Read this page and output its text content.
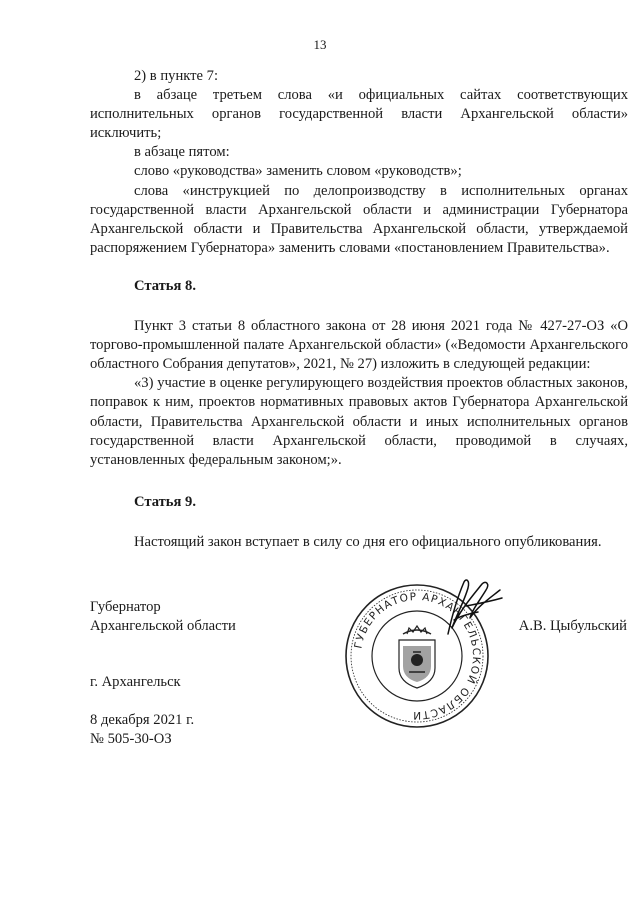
13

2) в пункте 7:

в абзаце третьем слова «и официальных сайтах соответствующих исполнительных органов государственной власти Архангельской области» исключить;

в абзаце пятом:

слово «руководства» заменить словом «руководств»;

слова «инструкцией по делопроизводству в исполнительных органах государственной власти Архангельской области и администрации Губернатора Архангельской области и Правительства Архангельской области, утверждаемой распоряжением Губернатора» заменить словами «постановлением Правительства».

Статья 8.

Пункт 3 статьи 8 областного закона от 28 июня 2021 года № 427-27-ОЗ «О торгово-промышленной палате Архангельской области» («Ведомости Архангельского областного Собрания депутатов», 2021, № 27) изложить в следующей редакции:

«3) участие в оценке регулирующего воздействия проектов областных законов, поправок к ним, проектов нормативных правовых актов Губернатора Архангельской области, Правительства Архангельской области и иных исполнительных органов государственной власти Архангельской области, проводимой в случаях, установленных федеральным законом;».

Статья 9.

Настоящий закон вступает в силу со дня его официального опубликования.

Губернатор
Архангельской области
ГУБЕРНАТОР АРХАНГЕЛЬСКОЙ ОБЛАСТИ
А.В. Цыбульский
г. Архангельск
8 декабря 2021 г.
№ 505-30-ОЗ
